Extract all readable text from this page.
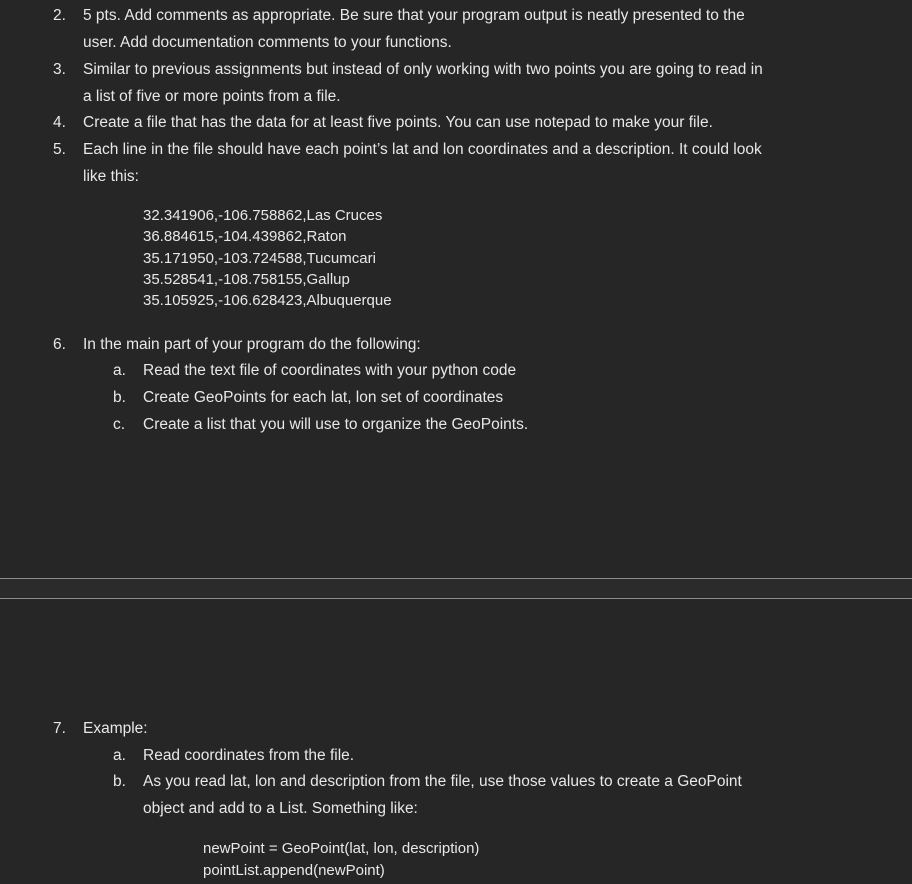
2. 5 pts. Add comments as appropriate. Be sure that your program output is neatly presented to the
user. Add documentation comments to your functions.
3. Similar to previous assignments but instead of only working with two points you are going to read in
a list of five or more points from a file.
4. Create a file that has the data for at least five points. You can use notepad to make your file.
5. Each line in the file should have each point’s lat and lon coordinates and a description. It could look
like this:
32.341906,-106.758862,Las Cruces
36.884615,-104.439862,Raton
35.171950,-103.724588,Tucumcari
35.528541,-108.758155,Gallup
35.105925,-106.628423,Albuquerque
6. In the main part of your program do the following:
a. Read the text file of coordinates with your python code
b. Create GeoPoints for each lat, lon set of coordinates
c. Create a list that you will use to organize the GeoPoints.
7. Example:
a. Read coordinates from the file.
b. As you read lat, lon and description from the file, use those values to create a GeoPoint
object and add to a List. Something like:
newPoint = GeoPoint(lat, lon, description)
pointList.append(newPoint)
